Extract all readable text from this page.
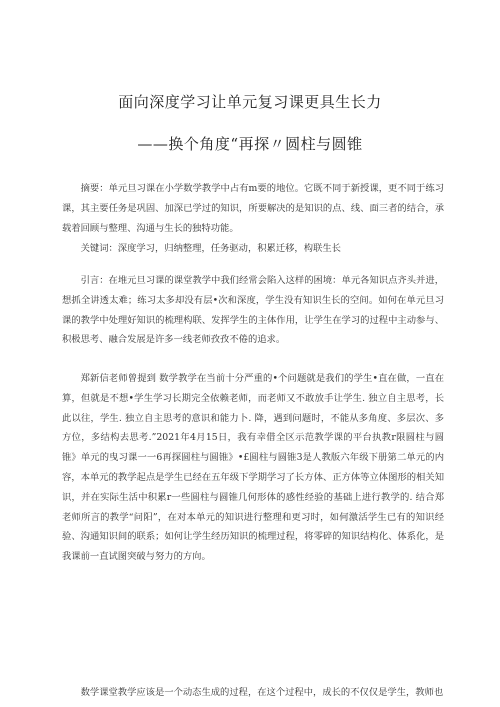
面向深度学习让单元复习课更具生长力
——换个角度“再探〃圆柱与圆锥
摘要：单元旦习课在小学数学教学中占有m要的地位。它既不同于新授课，更不同于练习课，其主要任务是巩固、加深已学过的知识，所要解决的是知识的点、线、面三者的结合，承载着回顾与整理、沟通与生长的独特功能。
关键词：深度学习，归纳整理，任务驱动，积累迁移，构联生长
引言：在堆元旦习课的课堂教学中我们经常会陷入这样的困境：单元各知识点齐头并进，想抓全讲透太难；练习太多却没有层•次和深度，学生没有知识生长的空间。如何在单元旦习课的教学中处理好知识的梳理构联、发挥学生的主体作用，让学生在学习的过程中主动参与、积极思考、融合发展是许多一线老师孜孜不倦的追求。
郑新信老师曾提到 数学教学在当前十分严重的•个问题就是我们的学生•直在做，一直在算，但就是不想•学生学习长期完全依赖老师，而老师又不敢放手让学生. 独立自主思考，长此以往，学生. 独立自主思考的意识和能力卜. 降，遇到问题时，不能从多角度、多层次、多方位，多结构去思考.”2021年4月15日，我有幸借全区示范教学课的平台执教r限圆柱与圆锥》单元的曳习课一一6再探圆柱与圆锥》•£圆柱与圆锥3是人教版六年级下册第二单元的内容，本单元的教学起点是学生已经在五年级下学期学习了长方体、正方体等立体图形的相关知识，并在实际生活中积累r一些圆柱与圆锥几何形体的感性经验的基础上进行教学的. 结合郑老师所言的教学“问阳”，在对本单元的知识进行整理和更习时，如何激活学生已有的知识经验、沟通知识间的联系；如何让学生经历知识的梳理过程，将零碎的知识结构化、体系化，是我课前一直试图突破与努力的方向。
数学课堂教学应该是一个动态生成的过程，在这个过程中，成长的不仅仅是学生，教师也
